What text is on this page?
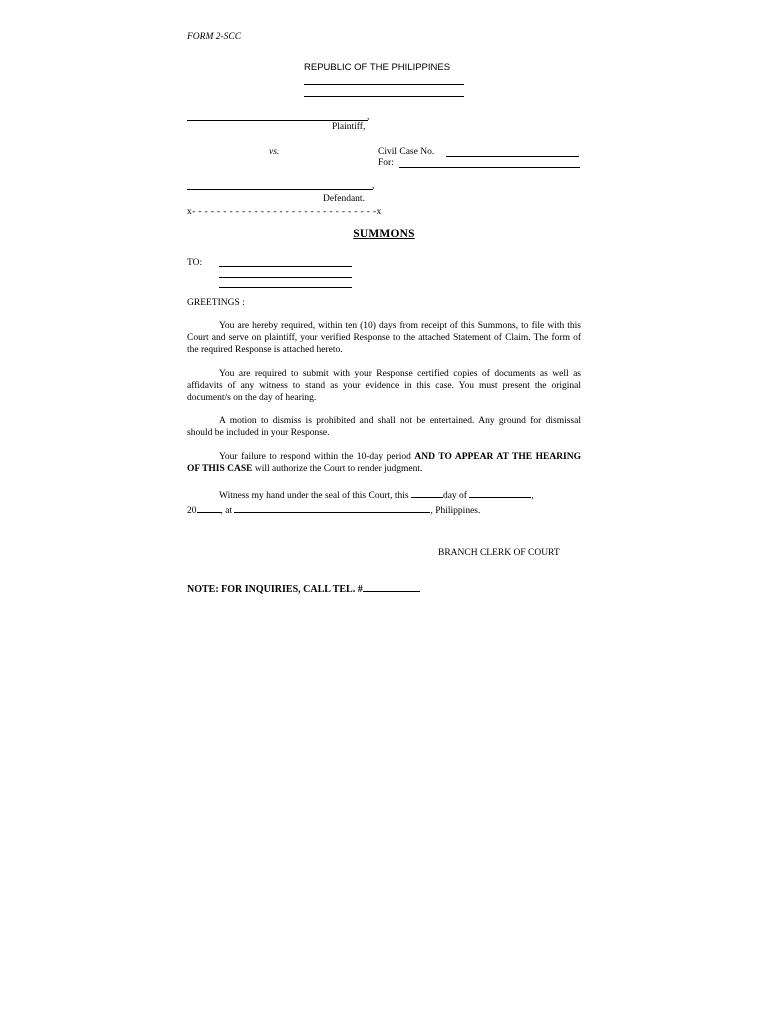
FORM 2-SCC
REPUBLIC OF THE PHILIPPINES
,
Plaintiff,
vs.	Civil Case No.
For:
,
Defendant.
x- - - - - - - - - - - - - - - - - - - - - - - - - - - - - -x
SUMMONS
TO:
GREETINGS :
You are hereby required, within ten (10) days from receipt of this Summons, to file with this Court and serve on plaintiff, your verified Response to the attached Statement of Claim. The form of the required Response is attached hereto.
You are required to submit with your Response certified copies of documents as well as affidavits of any witness to stand as your evidence in this case. You must present the original document/s on the day of hearing.
A motion to dismiss is prohibited and shall not be entertained. Any ground for dismissal should be included in your Response.
Your failure to respond within the 10-day period AND TO APPEAR AT THE HEARING OF THIS CASE will authorize the Court to render judgment.
Witness my hand under the seal of this Court, this	day of	,
20	, at	, Philippines.
BRANCH CLERK OF COURT
NOTE: FOR INQUIRIES, CALL TEL. #
